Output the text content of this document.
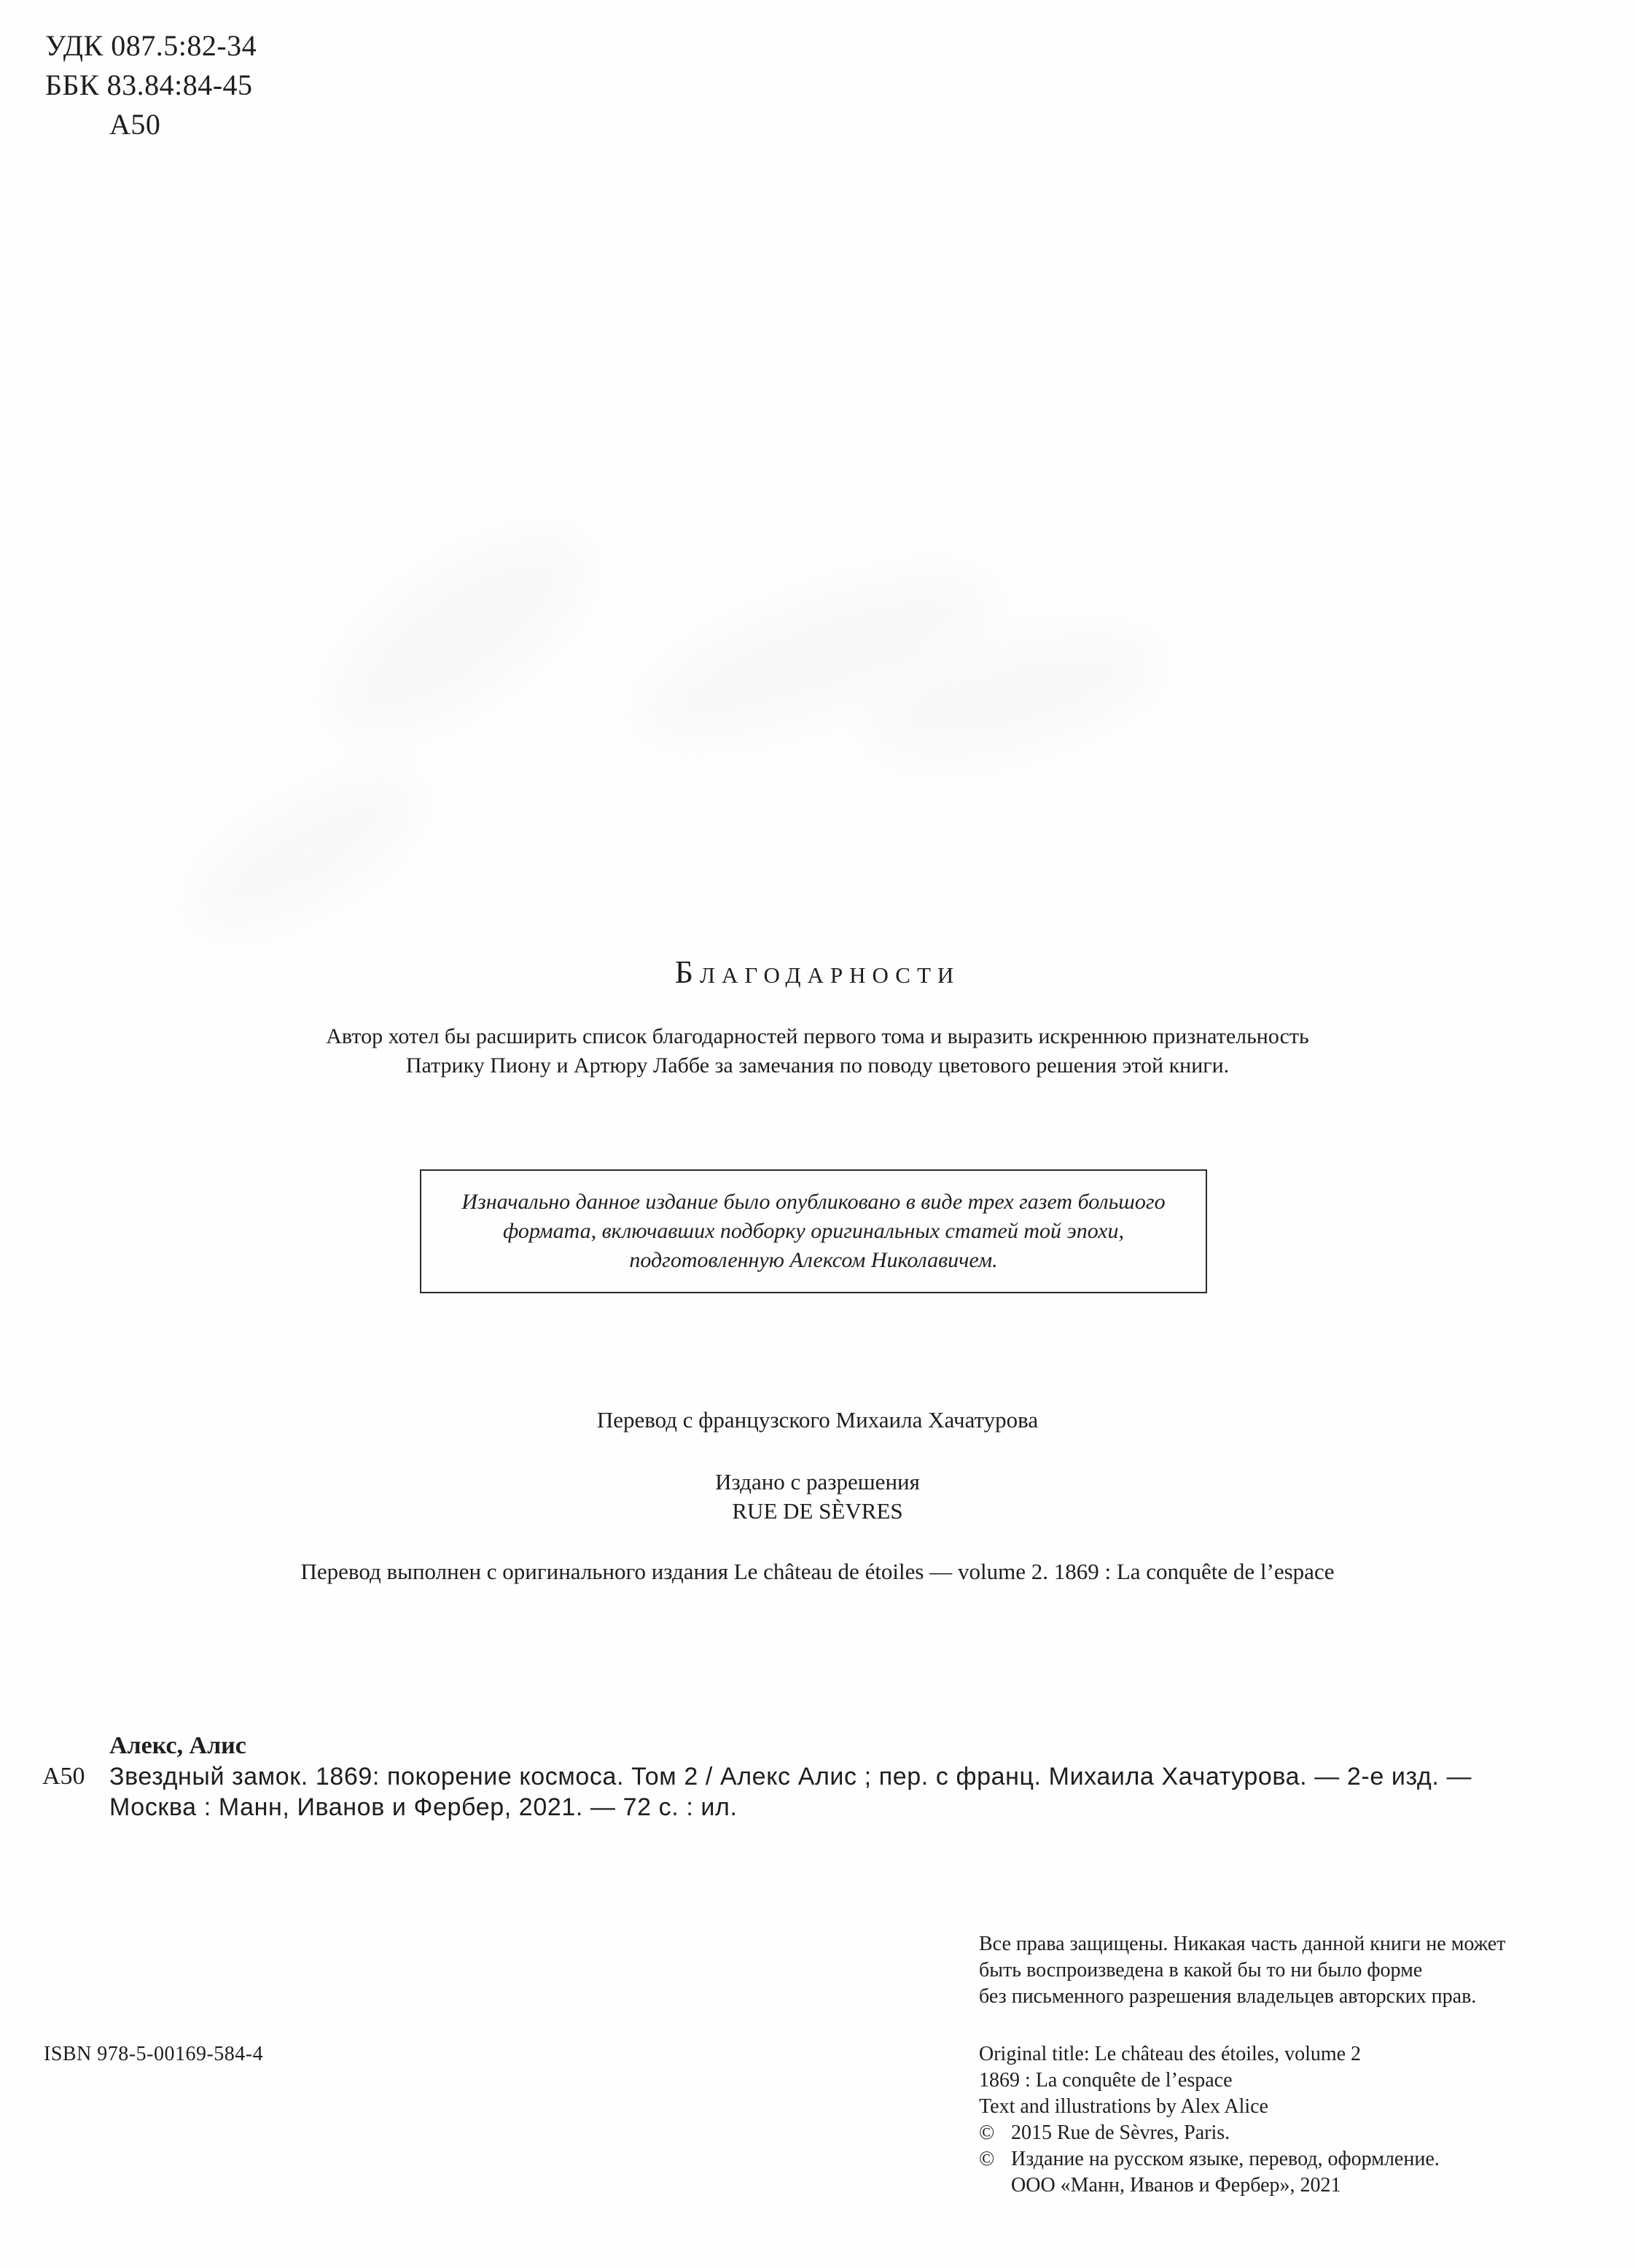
УДК 087.5:82-34
ББК 83.84:84-45
А50
Благодарности
Автор хотел бы расширить список благодарностей первого тома и выразить искреннюю признательность
Патрику Пиону и Артюру Лаббе за замечания по поводу цветового решения этой книги.
Изначально данное издание было опубликовано в виде трех газет большого
формата, включавших подборку оригинальных статей той эпохи,
подготовленную Алексом Николавичем.
Перевод с французского Михаила Хачатурова
Издано с разрешения
RUE DE SÈVRES
Перевод выполнен с оригинального издания Le château de étoiles — volume 2. 1869 : La conquête de l’espace
Алекс, Алис
А50 Звездный замок. 1869: покорение космоса. Том 2 / Алекс Алис ; пер. с франц. Михаила Хачатурова. — 2-е изд. —
Москва : Манн, Иванов и Фербер, 2021. — 72 с. : ил.
Все права защищены. Никакая часть данной книги не может
быть воспроизведена в какой бы то ни было форме
без письменного разрешения владельцев авторских прав.
ISBN 978-5-00169-584-4	Original title: Le château des étoiles, volume 2
1869 : La conquête de l’espace
Text and illustrations by Alex Alice
© 2015 Rue de Sèvres, Paris.
© Издание на русском языке, перевод, оформление.
ООО «Манн, Иванов и Фербер», 2021
